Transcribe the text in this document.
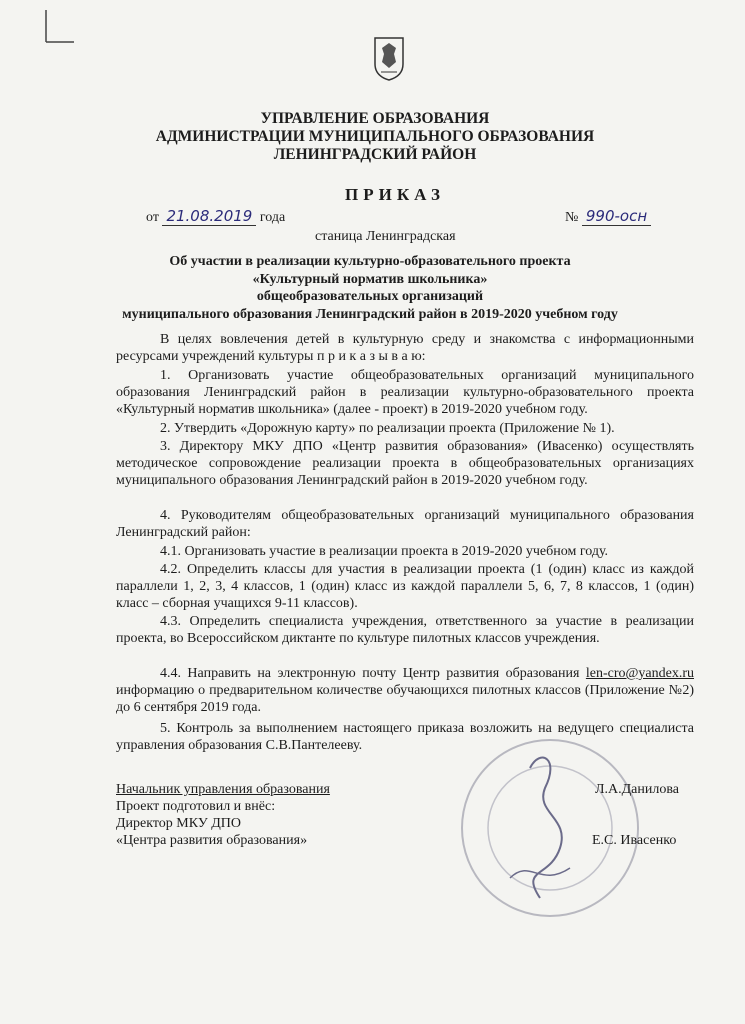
УПРАВЛЕНИЕ ОБРАЗОВАНИЯ
АДМИНИСТРАЦИИ МУНИЦИПАЛЬНОГО ОБРАЗОВАНИЯ
ЛЕНИНГРАДСКИЙ РАЙОН
ПРИКАЗ
от 21.08.2019 года	№ 990-осн
станица Ленинградская
Об участии в реализации культурно-образовательного проекта
«Культурный норматив школьника»
общеобразовательных организаций
муниципального образования Ленинградский район в 2019-2020 учебном году
В целях вовлечения детей в культурную среду и знакомства с информационными ресурсами учреждений культуры п р и к а з ы в а ю:
1. Организовать участие общеобразовательных организаций муниципального образования Ленинградский район в реализации культурно-образовательного проекта «Культурный норматив школьника» (далее - проект) в 2019-2020 учебном году.
2. Утвердить «Дорожную карту» по реализации проекта (Приложение № 1).
3. Директору МКУ ДПО «Центр развития образования» (Ивасенко) осуществлять методическое сопровождение реализации проекта в общеобразовательных организациях муниципального образования Ленинградский район в 2019-2020 учебном году.
4. Руководителям общеобразовательных организаций муниципального образования Ленинградский район:
4.1. Организовать участие в реализации проекта в 2019-2020 учебном году.
4.2. Определить классы для участия в реализации проекта (1 (один) класс из каждой параллели 1, 2, 3, 4 классов, 1 (один) класс из каждой параллели 5, 6, 7, 8 классов, 1 (один) класс – сборная учащихся 9-11 классов).
4.3. Определить специалиста учреждения, ответственного за участие в реализации проекта, во Всероссийском диктанте по культуре пилотных классов учреждения.
4.4. Направить на электронную почту Центр развития образования len-cro@yandex.ru информацию о предварительном количестве обучающихся пилотных классов (Приложение №2) до 6 сентября 2019 года.
5. Контроль за выполнением настоящего приказа возложить на ведущего специалиста управления образования С.В.Пантелееву.
Начальник управления образования	Л.А.Данилова
Проект подготовил и внёс:
Директор МКУ ДПО
«Центра развития образования»	Е.С. Ивасенко
